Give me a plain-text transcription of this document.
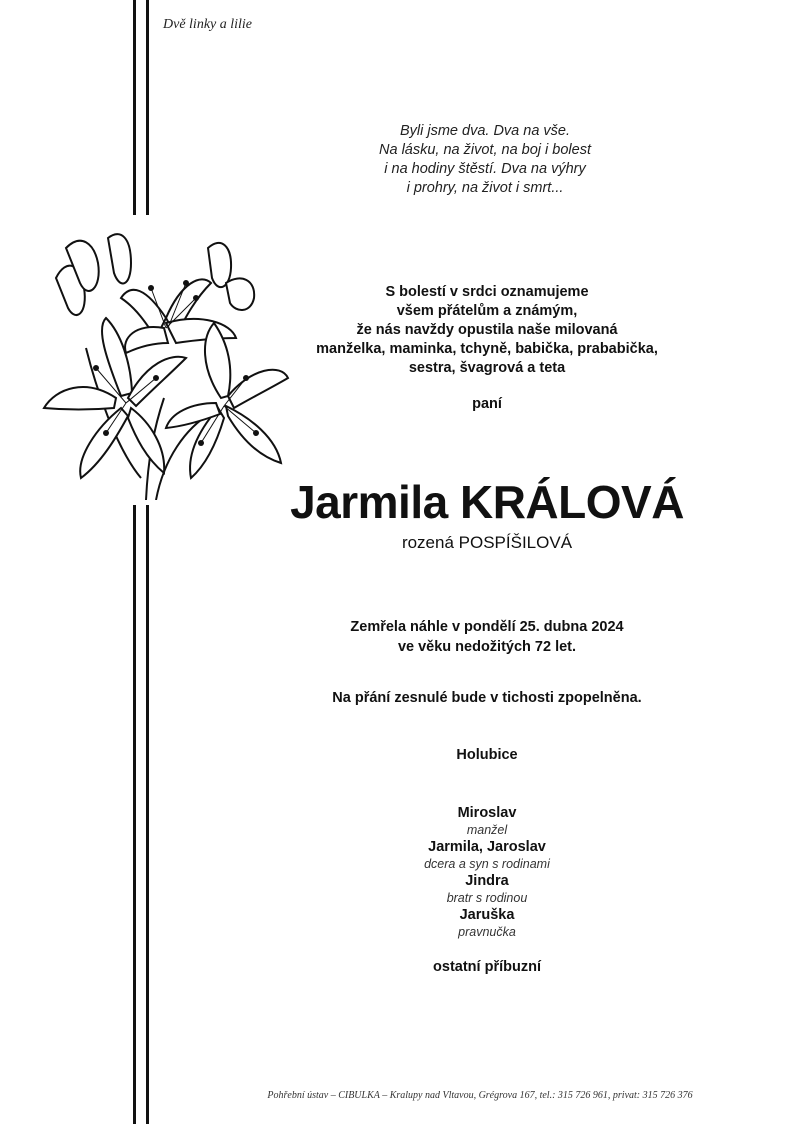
Dvě linky a lilie
Byli jsme dva. Dva na vše.
Na lásku, na život, na boj i bolest
i na hodiny štěstí. Dva na výhry
i prohry, na život i smrt...
S bolestí v srdci oznamujeme
všem přátelům a známým,
že nás navždy opustila naše milovaná
manželka, maminka, tchyně, babička, prababička,
sestra, švagrová a teta
paní
Jarmila KRÁLOVÁ
rozená POSPÍŠILOVÁ
Zemřela náhle v pondělí 25. dubna 2024
ve věku nedožitých 72 let.
Na přání zesnulé bude v tichosti zpopelněna.
Holubice
Miroslav
manžel
Jarmila, Jaroslav
dcera a syn s rodinami
Jindra
bratr s rodinou
Jaruška
pravnučka
ostatní příbuzní
Pohřební ústav – CIBULKA – Kralupy nad Vltavou, Grégrova 167, tel.: 315 726 961, privat: 315 726 376
